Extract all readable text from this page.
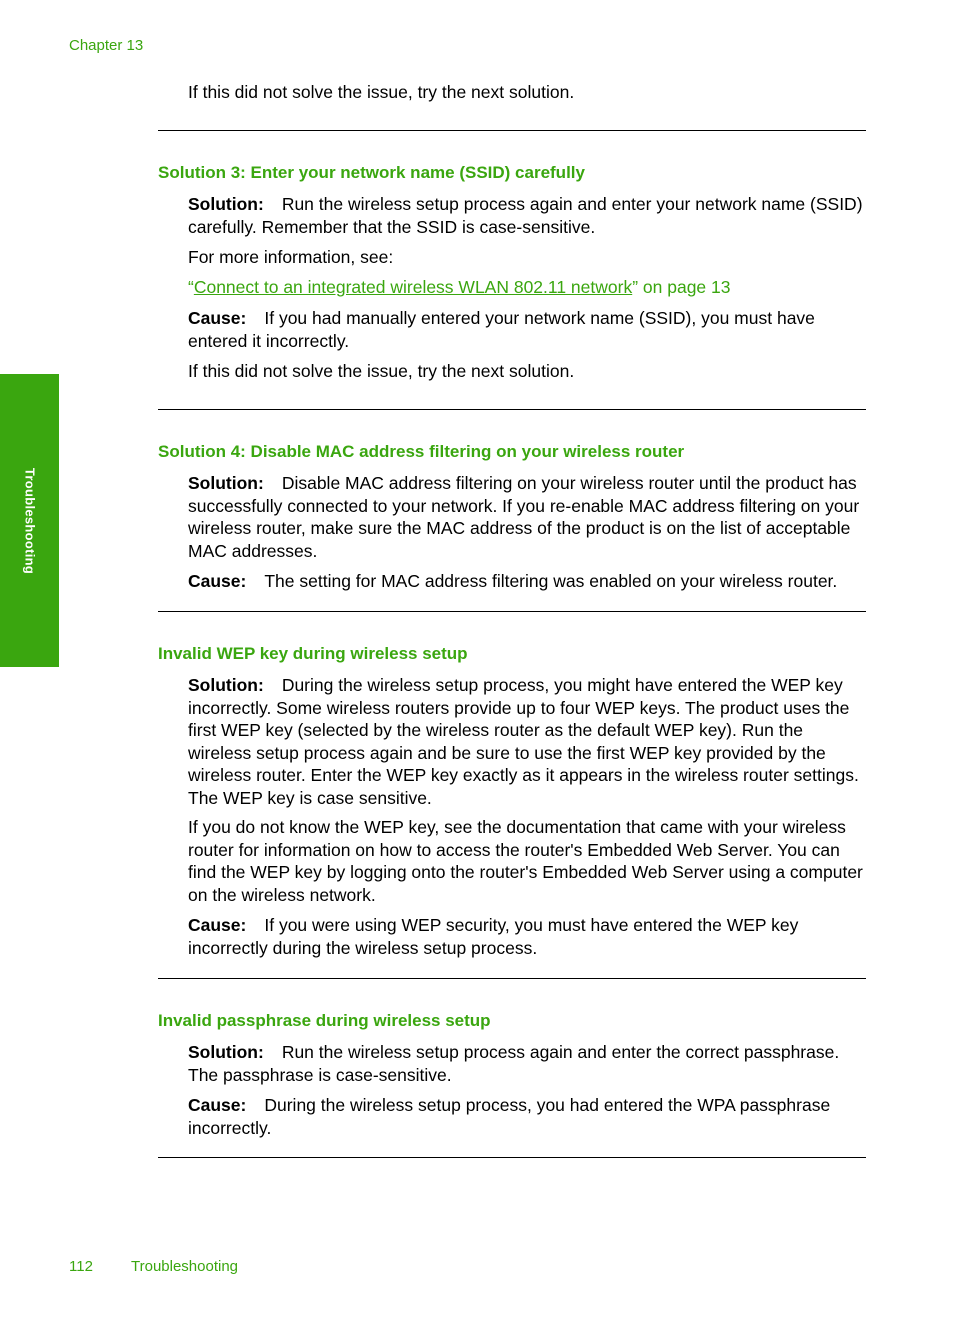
Chapter 13
Troubleshooting

If this did not solve the issue, try the next solution.

Solution 3: Enter your network name (SSID) carefully

Solution: Run the wireless setup process again and enter your network name (SSID) carefully. Remember that the SSID is case-sensitive.

For more information, see:

“Connect to an integrated wireless WLAN 802.11 network” on page 13

Cause: If you had manually entered your network name (SSID), you must have entered it incorrectly.

If this did not solve the issue, try the next solution.

Solution 4: Disable MAC address filtering on your wireless router

Solution: Disable MAC address filtering on your wireless router until the product has successfully connected to your network. If you re-enable MAC address filtering on your wireless router, make sure the MAC address of the product is on the list of acceptable MAC addresses.

Cause: The setting for MAC address filtering was enabled on your wireless router.

Invalid WEP key during wireless setup

Solution: During the wireless setup process, you might have entered the WEP key incorrectly. Some wireless routers provide up to four WEP keys. The product uses the first WEP key (selected by the wireless router as the default WEP key). Run the wireless setup process again and be sure to use the first WEP key provided by the wireless router. Enter the WEP key exactly as it appears in the wireless router settings. The WEP key is case sensitive.

If you do not know the WEP key, see the documentation that came with your wireless router for information on how to access the router's Embedded Web Server. You can find the WEP key by logging onto the router's Embedded Web Server using a computer on the wireless network.

Cause: If you were using WEP security, you must have entered the WEP key incorrectly during the wireless setup process.

Invalid passphrase during wireless setup

Solution: Run the wireless setup process again and enter the correct passphrase. The passphrase is case-sensitive.

Cause: During the wireless setup process, you had entered the WPA passphrase incorrectly.

112	Troubleshooting
